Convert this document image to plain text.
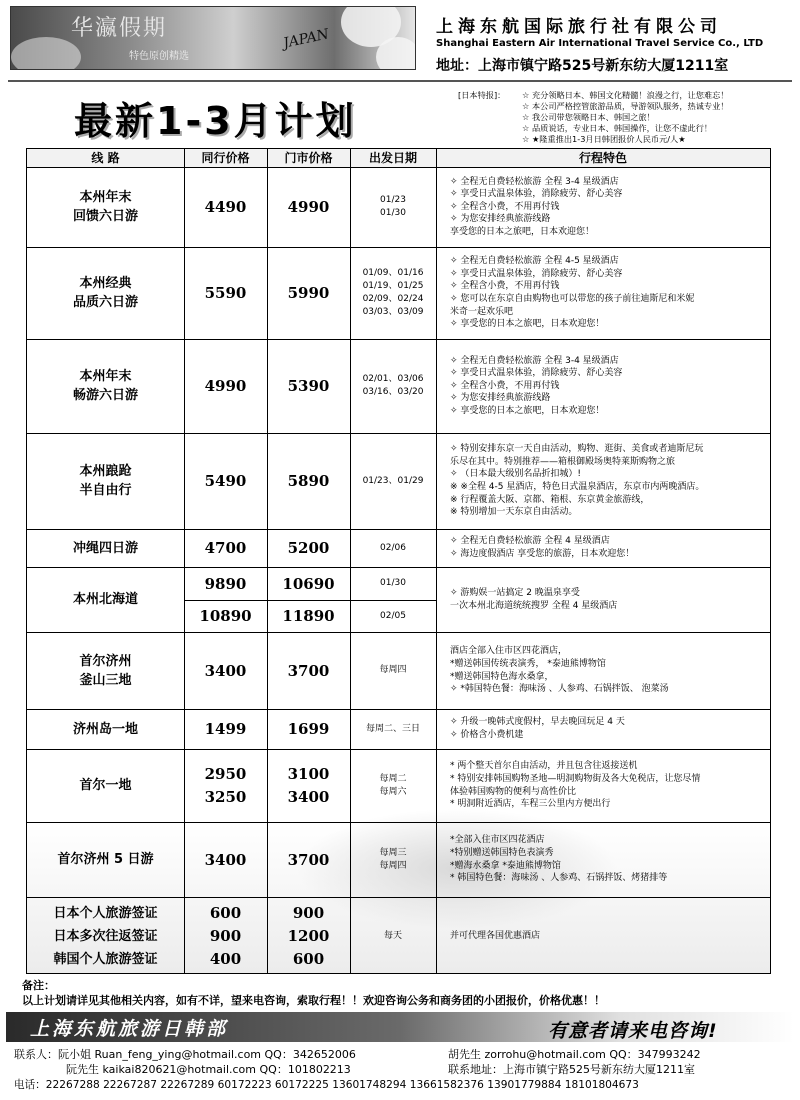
华瀛假期
特色原创精选
JAPAN	上海东航国际旅行社有限公司
Shanghai Eastern Air International Travel Service Co., LTD
地址：上海市镇宁路525号新东纺大厦1211室
最新1-3月计划
[日本特报]：
☆	充分领略日本、韩国文化精髓！浪漫之行，让您难忘！
☆ 本公司严格控管旅游品质，导游领队服务，热诚专业！
☆ 我公司带您领略日本、韩国之旅！
☆ 品质说话，专业日本、韩国操作，让您不虚此行！
☆ ★隆重推出1-3月日韩团报价人民币元/人★
线 路	同行价格	门市价格	出发日期	行程特色
本州年末
回馈六日游
✧ 全程无自费轻松旅游 全程 3-4 星级酒店
✧ 享受日式温泉体验，消除疲劳、舒心美容
✧ 全程含小费，不用再付钱
✧ 为您安排经典旅游线路
享受您的日本之旅吧，日本欢迎您！
4490	4990	01/23
01/30
本州经典
品质六日游
✧ 全程无自费轻松旅游 全程 4-5 星级酒店
✧ 享受日式温泉体验，消除疲劳、舒心美容
✧ 全程含小费，不用再付钱
✧ 您可以在东京自由购物也可以带您的孩子前往迪斯尼和米妮
米奇一起欢乐吧
✧ 享受您的日本之旅吧，日本欢迎您！
5590	5990
01/09、01/16
01/19、01/25
02/09、02/24
03/03、03/09
本州年末
畅游六日游
✧ 全程无自费轻松旅游 全程 3-4 星级酒店
✧ 享受日式温泉体验，消除疲劳、舒心美容
✧ 全程含小费，不用再付钱
✧ 为您安排经典旅游线路
✧ 享受您的日本之旅吧，日本欢迎您！
4990	5390	02/01、03/06
03/16、03/20
本州踉跄
半自由行
✧ 特别安排东京一天自由活动，购物、逛街、美食或者迪斯尼玩
乐尽在其中。特别推荐——箱根御殿场奥特莱斯购物之旅
✧ （日本最大级别名品折扣城）!
※ ※全程 4-5 星酒店，特色日式温泉酒店，东京市内两晚酒店。
※ 行程覆盖大阪、京都、箱根、东京黄金旅游线，
※ 特别增加一天东京自由活动。
5490	5890	01/23、01/29
冲绳四日游	✧ 全程无自费轻松旅游 全程 4 星级酒店
✧ 海边度假酒店 享受您的旅游，日本欢迎您！
4700	5200	02/06
本州北海道	✧ 游购娱一站搞定 2 晚温泉享受
一次本州北海道统统搜罗 全程 4 星级酒店
9890	10690	01/30
10890	11890	02/05
首尔济州
釜山三地
酒店全部入住市区四花酒店，
*赠送韩国传统表演秀， *泰迪熊博物馆
*赠送韩国特色海水桑拿，
✧ *韩国特色餐：海味汤 、人参鸡、石锅拌饭、 泡菜汤
3400	3700	每周四
济州岛一地	✧ 升级一晚韩式度假村，早去晚回玩足 4 天
✧ 价格含小费机建
1499	1699	每周二、三日
首尔一地
* 两个整天首尔自由活动，并且包含往返接送机
* 特别安排韩国购物圣地—明洞购物街及各大免税店，让您尽情
体验韩国购物的便利与高性价比
* 明洞附近酒店，车程三公里内方便出行
2950
3250
3100
3400
每周二
每周六
首尔济州 5 日游
*全部入住市区四花酒店
*特别赠送韩国特色表演秀
*赠海水桑拿 *泰迪熊博物馆
* 韩国特色餐：海味汤 、人参鸡、石锅拌饭、烤猪排等
3400	3700	每周三
每周四
日本个人旅游签证
日本多次往返签证
韩国个人旅游签证
并可代理各国优惠酒店
600
900
400
900
1200
600
每天
备注：
以上计划请详见其他相关内容，如有不详，望来电咨询，索取行程！！欢迎咨询公务和商务团的小团报价，价格优惠！！
上海东航旅游日韩部	有意者请来电咨询!
联系人：阮小姐 Ruan_feng_ying@hotmail.com QQ：342652006	胡先生 zorrohu@hotmail.com QQ：347993242
阮先生 kaikai820621@hotmail.com QQ：101802213	联系地址：上海市镇宁路525号新东纺大厦1211室
电话：22267288 22267287 22267289 60172223 60172225 13601748294 13661582376 13901779884 18101804673
